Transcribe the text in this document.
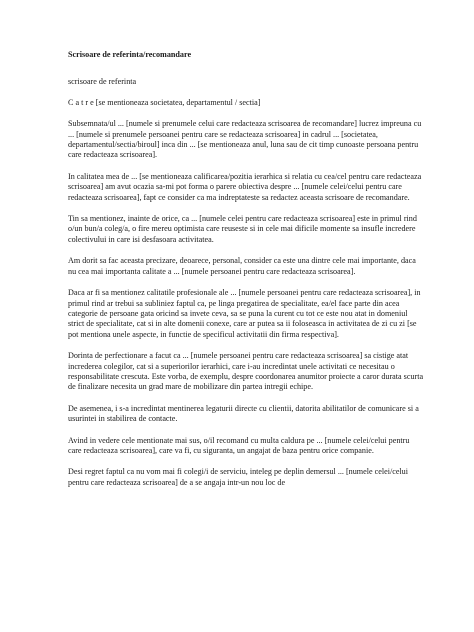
Scrisoare de referinta/recomandare
scrisoare de referinta
C a t r e [se mentioneaza societatea, departamentul / sectia]
Subsemnata/ul ... [numele si prenumele celui care redacteaza scrisoarea de recomandare] lucrez impreuna cu ... [numele si prenumele persoanei pentru care se redacteaza scrisoarea] in cadrul ... [societatea, departamentul/sectia/biroul] inca din ... [se mentioneaza anul, luna sau de cit timp cunoaste persoana pentru care redacteaza scrisoarea].
In calitatea mea de ... [se mentioneaza calificarea/pozitia ierarhica si relatia cu cea/cel pentru care redacteaza scrisoarea] am avut ocazia sa-mi pot forma o parere obiectiva despre ... [numele celei/celui pentru care redacteaza scrisoarea], fapt ce consider ca ma indreptateste sa redactez aceasta scrisoare de recomandare.
Tin sa mentionez, inainte de orice, ca ... [numele celei pentru care redacteaza scrisoarea] este in primul rind o/un bun/a coleg/a, o fire mereu optimista care reuseste si in cele mai dificile momente sa insufle incredere colectivului in care isi desfasoara activitatea.
Am dorit sa fac aceasta precizare, deoarece, personal, consider ca este una dintre cele mai importante, daca nu cea mai importanta calitate a ... [numele persoanei pentru care redacteaza scrisoarea].
Daca ar fi sa mentionez calitatile profesionale ale ... [numele persoanei pentru care redacteaza scrisoarea], in primul rind ar trebui sa subliniez faptul ca, pe linga pregatirea de specialitate, ea/el face parte din acea categorie de persoane gata oricind sa invete ceva, sa se puna la curent cu tot ce este nou atat in domeniul strict de specialitate, cat si in alte domenii conexe, care ar putea sa ii foloseasca in activitatea de zi cu zi [se pot mentiona unele aspecte, in functie de specificul activitatii din firma respectiva].
Dorinta de perfectionare a facut ca ... [numele persoanei pentru care redacteaza scrisoarea] sa cistige atat increderea colegilor, cat si a superiorilor ierarhici, care i-au incredintat unele activitati ce necesitau o responsabilitate crescuta. Este vorba, de exemplu, despre coordonarea anumitor proiecte a caror durata scurta de finalizare necesita un grad mare de mobilizare din partea intregii echipe.
De asemenea, i s-a incredintat mentinerea legaturii directe cu clientii, datorita abilitatilor de comunicare si a usurintei in stabilirea de contacte.
Avind in vedere cele mentionate mai sus, o/il recomand cu multa caldura pe ... [numele celei/celui pentru care redacteaza scrisoarea], care va fi, cu siguranta, un angajat de baza pentru orice companie.
Desi regret faptul ca nu vom mai fi colegi/i de serviciu, inteleg pe deplin demersul ... [numele celei/celui pentru care redacteaza scrisoarea] de a se angaja intr-un nou loc de
